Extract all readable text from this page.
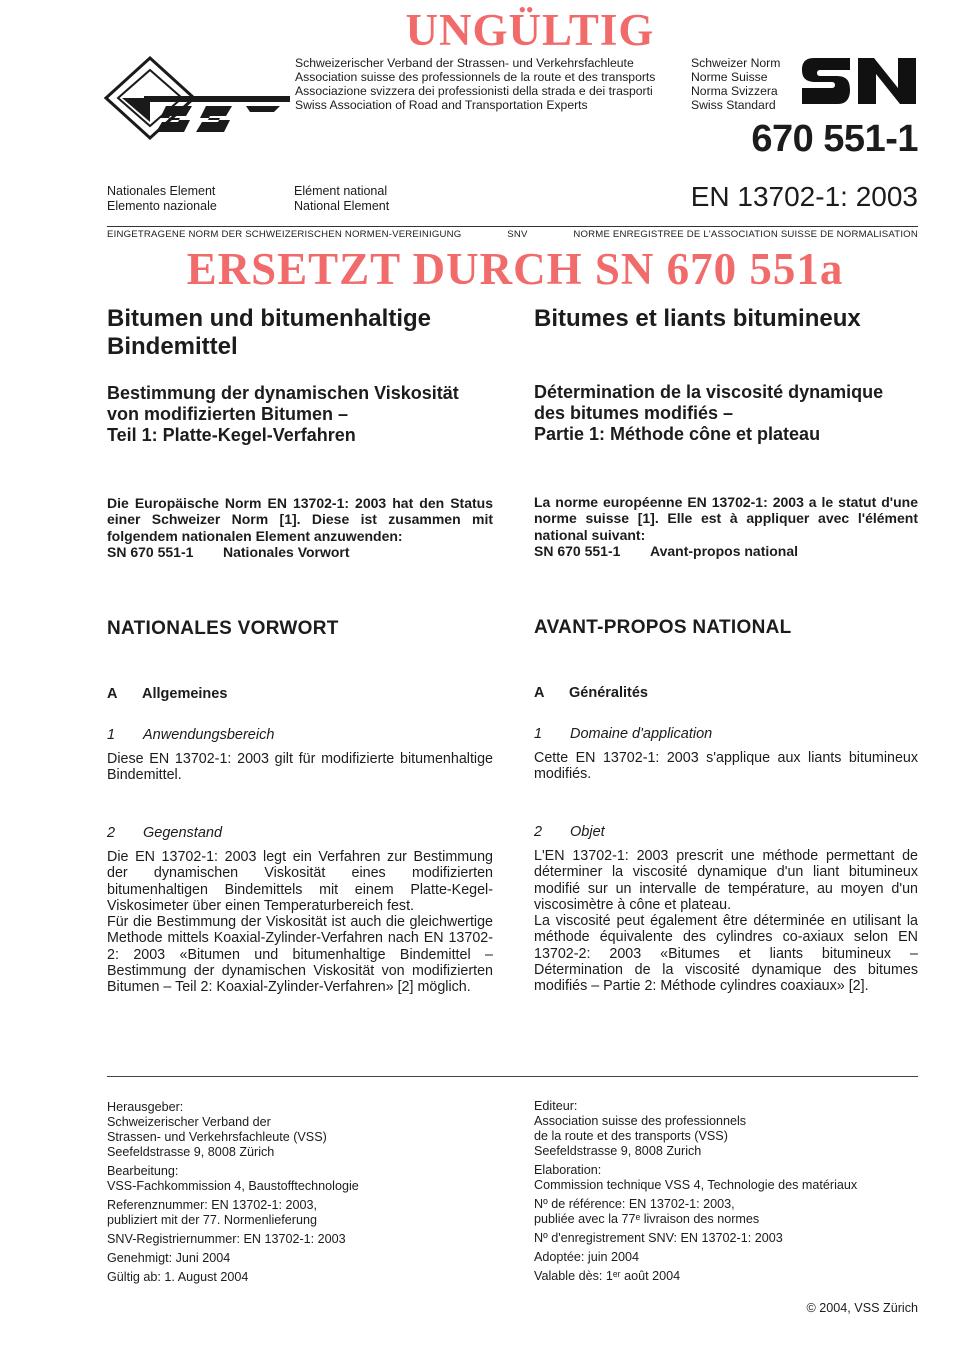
UNGÜLTIG
Schweizerischer Verband der Strassen- und Verkehrsfachleute
Association suisse des professionnels de la route et des transports
Associazione svizzera dei professionisti della strada e dei trasporti
Swiss Association of Road and Transportation Experts
Schweizer Norm
Norme Suisse
Norma Svizzera
Swiss Standard
670 551-1
Nationales Element
Elemento nazionale
Elément national
National Element	EN 13702-1: 2003
EINGETRAGENE NORM DER SCHWEIZERISCHEN NORMEN-VEREINIGUNG	SNV	NORME ENREGISTREE DE L'ASSOCIATION SUISSE DE NORMALISATION
ERSETZT DURCH SN 670 551a
Bitumen und bitumenhaltige
Bindemittel
Bestimmung der dynamischen Viskosität
von modifizierten Bitumen –
Teil 1: Platte-Kegel-Verfahren
Die Europäische Norm EN 13702-1: 2003 hat den Status einer Schweizer Norm [1]. Diese ist zusammen mit folgendem nationalen Element anzuwenden:
SN 670 551-1 Nationales Vorwort
NATIONALES VORWORT
A Allgemeines
1 Anwendungsbereich

Diese EN 13702-1: 2003 gilt für modifizierte bitumenhaltige Bindemittel.

2 Gegenstand

Die EN 13702-1: 2003 legt ein Verfahren zur Bestimmung der dynamischen Viskosität eines modifizierten bitumenhaltigen Bindemittels mit einem Platte-Kegel-Viskosimeter über einen Temperaturbereich fest.

Für die Bestimmung der Viskosität ist auch die gleichwertige Methode mittels Koaxial-Zylinder-Verfahren nach EN 13702-2: 2003 «Bitumen und bitumenhaltige Bindemittel – Bestimmung der dynamischen Viskosität von modifizierten Bitumen – Teil 2: Koaxial-Zylinder-Verfahren» [2] möglich.

Bitumes et liants bitumineux
Détermination de la viscosité dynamique
des bitumes modifiés –
Partie 1: Méthode cône et plateau
La norme européenne EN 13702-1: 2003 a le statut d'une norme suisse [1]. Elle est à appliquer avec l'élément national suivant:
SN 670 551-1 Avant-propos national
AVANT-PROPOS NATIONAL
A Généralités
1 Domaine d'application

Cette EN 13702-1: 2003 s'applique aux liants bitumineux modifiés.

2 Objet

L'EN 13702-1: 2003 prescrit une méthode permettant de déterminer la viscosité dynamique d'un liant bitumineux modifié sur un intervalle de température, au moyen d'un viscosimètre à cône et plateau.

La viscosité peut également être déterminée en utilisant la méthode équivalente des cylindres co-axiaux selon EN 13702-2: 2003 «Bitumes et liants bitumineux – Détermination de la viscosité dynamique des bitumes modifiés – Partie 2: Méthode cylindres coaxiaux» [2].

Herausgeber:
Schweizerischer Verband der
Strassen- und Verkehrsfachleute (VSS)
Seefeldstrasse 9, 8008 Zürich
Bearbeitung:
VSS-Fachkommission 4, Baustofftechnologie
Referenznummer: EN 13702-1: 2003,
publiziert mit der 77. Normenlieferung
SNV-Registriernummer: EN 13702-1: 2003
Genehmigt: Juni 2004
Gültig ab: 1. August 2004
Editeur:
Association suisse des professionnels
de la route et des transports (VSS)
Seefeldstrasse 9, 8008 Zurich
Elaboration:
Commission technique VSS 4, Technologie des matériaux
Nº de référence: EN 13702-1: 2003,
publiée avec la 77ᵉ livraison des normes
Nº d'enregistrement SNV: EN 13702-1: 2003
Adoptée: juin 2004
Valable dès: 1ᵉʳ août 2004
© 2004, VSS Zürich
